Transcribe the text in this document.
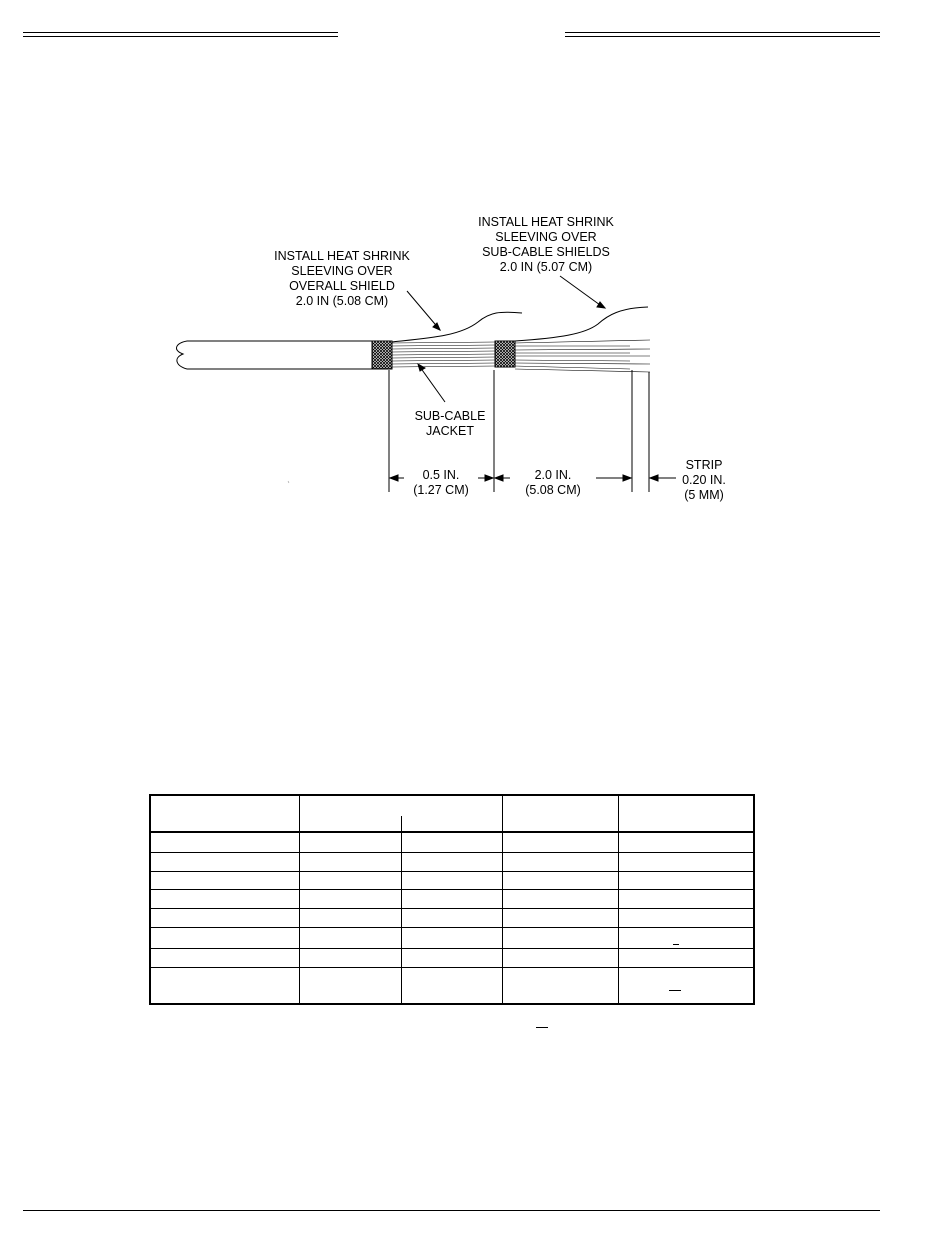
INSTALL HEAT SHRINK
SLEEVING OVER
OVERALL SHIELD
2.0 IN (5.08 CM)
INSTALL HEAT SHRINK
SLEEVING OVER
SUB-CABLE SHIELDS
2.0 IN (5.07 CM)
SUB-CABLE
JACKET
0.5 IN.
(1.27 CM)
2.0 IN.
(5.08 CM)
STRIP
0.20 IN.
(5 MM)
